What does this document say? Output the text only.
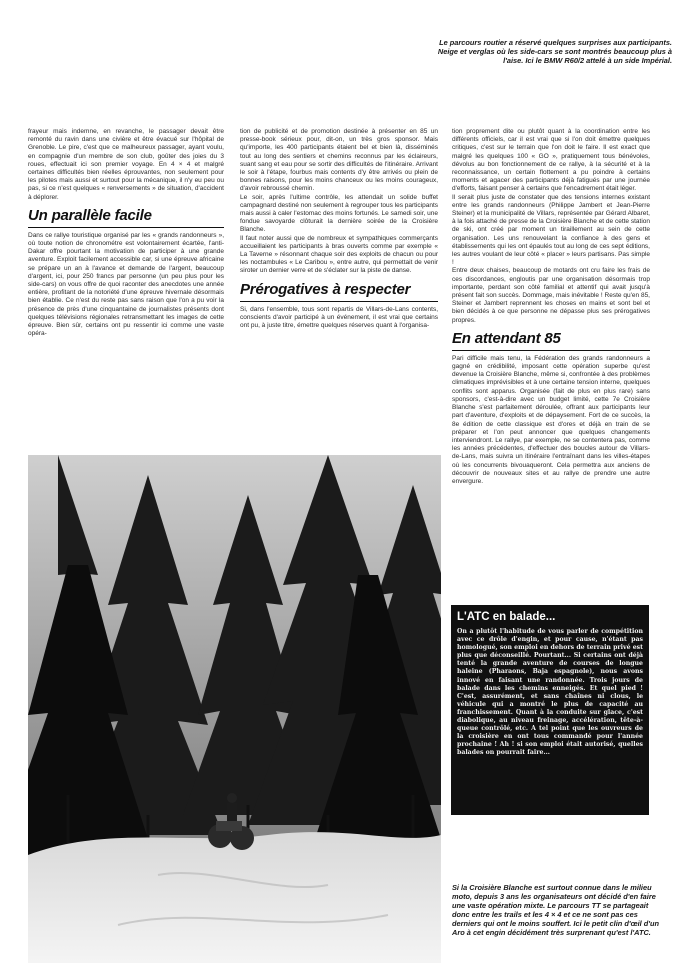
Le parcours routier a réservé quelques surprises aux participants. Neige et verglas où les side-cars se sont montrés beaucoup plus à l'aise. Ici le BMW R60/2 attelé à un side Impérial.

frayeur mais indemne, en revanche, le passager devait être remonté du ravin dans une civière et être évacué sur l'hôpital de Grenoble. Le pire, c'est que ce malheureux passager, ayant voulu, en compagnie d'un membre de son club, goûter des joies du 3 roues, effectuait ici son premier voyage. En 4 × 4 et malgré certaines difficultés bien réelles éprouvantes, non seulement pour les pilotes mais aussi et surtout pour la mécanique, il n'y eu peu ou pas, si ce n'est quelques « renversements » de situation, d'accident à déplorer.

Un parallèle facile

Dans ce rallye touristique organisé par les « grands randonneurs », où toute notion de chronométre est volontairement écartée, l'anti-Dakar offre pourtant la motivation de participer à une grande aventure. Exploit facilement accessible car, si une épreuve africaine se prépare un an à l'avance et demande de l'argent, beaucoup d'argent, ici, pour 250 francs par personne (un peu plus pour les side-cars) on vous offre de quoi raconter des anecdotes une année entière, profitant de la notoriété d'une épreuve hivernale désormais bien établie. Ce n'est du reste pas sans raison que l'on a pu voir la présence de près d'une cinquantaine de journalistes présents dont quelques télévisions régionales retransmettant les images de cette épreuve. Bien sûr, certains ont pu ressentir ici comme une vaste opéra-

tion de publicité et de promotion destinée à présenter en 85 un presse-book sérieux pour, dit-on, un très gros sponsor. Mais qu'importe, les 400 participants étaient bel et bien là, disséminés tout au long des sentiers et chemins reconnus par les éclaireurs, suant sang et eau pour se sortir des difficultés de l'itinéraire. Arrivant le soir à l'étape, fourbus mais contents d'y être arrivés ou plein de bonnes raisons, pour les moins chanceux ou les moins courageux, d'avoir rebroussé chemin.

Le soir, après l'ultime contrôle, les attendait un solide buffet campagnard destiné non seulement à regrouper tous les participants mais aussi à caler l'estomac des moins fortunés. Le samedi soir, une fondue savoyarde clôturait la dernière soirée de la Croisière Blanche.

Il faut noter aussi que de nombreux et sympathiques commerçants accueillaient les participants à bras ouverts comme par exemple « La Taverne » résonnant chaque soir des exploits de chacun ou pour les noctambules « Le Caribou », entre autre, qui permettait de venir siroter un dernier verre et de s'éclater sur la piste de danse.

Prérogatives à respecter

Si, dans l'ensemble, tous sont repartis de Villars-de-Lans contents, conscients d'avoir participé à un événement, il est vrai que certains ont pu, à juste titre, émettre quelques réserves quant à l'organisa-

tion proprement dite ou plutôt quant à la coordination entre les différents officiels, car il est vrai que si l'on doit émettre quelques critiques, c'est sur le terrain que l'on doit le faire. Il est exact que malgré les quelques 100 « GO », pratiquement tous bénévoles, dévolus au bon fonctionnement de ce rallye, à la sécurité et à la reconnaissance, un certain flottement a pu poindre à certains moments et agacer des participants déjà fatigués par une journée d'efforts, faisant penser à certains que l'encadrement était léger.

Il serait plus juste de constater que des tensions internes existant entre les grands randonneurs (Philippe Jambert et Jean-Pierre Steiner) et la municipalité de Villars, représentée par Gérard Albaret, à la fois attaché de presse de la Croisière Blanche et de cette station de ski, ont créé par moment un tiraillement au sein de cette organisation. Les uns renouvelant la confiance à des gens et établissements qui les ont épaulés tout au long de ces sept éditions, les autres voulant de leur côté « placer » leurs partisans. Pas simple !

Entre deux chaises, beaucoup de motards ont cru faire les frais de ces discordances, engloutis par une organisation désormais trop importante, perdant son côté familial et attentif qui avait jusqu'à présent fait son succès. Dommage, mais inévitable ! Reste qu'en 85, Steiner et Jambert reprennent les choses en mains et sont bel et bien décidés à ce que personne ne dépasse plus ses prérogatives propres.

En attendant 85

Pari difficile mais tenu, la Fédération des grands randonneurs a gagné en crédibilité, imposant cette opération superbe qu'est devenue la Croisière Blanche, même si, confrontée à des problèmes climatiques imprévisibles et à une certaine tension interne, quelques conflits sont apparus. Organisée (fait de plus en plus rare) sans sponsors, c'est-à-dire avec un budget limité, cette 7e Croisière Blanche s'est parfaitement déroulée, offrant aux participants leur part d'aventure, d'exploits et de dépaysement. Fort de ce succès, la 8e édition de cette classique est d'ores et déjà en train de se préparer et l'on peut annoncer que quelques changements interviendront. Le rallye, par exemple, ne se contentera pas, comme les années précédentes, d'effectuer des boucles autour de Villars-de-Lans, mais suivra un itinéraire l'entraînant dans les villes-étapes où les concurrents bivouaqueront. Cela permettra aux anciens de découvrir de nouveaux sites et au rallye de prendre une autre envergure.

L'ATC en balade...

On a plutôt l'habitude de vous parler de compétition avec ce drôle d'engin, et pour cause, n'étant pas homologué, son emploi en dehors de terrain privé est plus que déconseillé. Pourtant... Si certains ont déjà tenté la grande aventure de courses de longue haleine (Pharaons, Baja espagnole), nous avons innové en faisant une randonnée. Trois jours de balade dans les chemins enneigés. Et quel pied ! C'est, assurément, et sans chaînes ni clous, le véhicule qui a montré le plus de capacité au franchissement. Quant à la conduite sur glace, c'est diabolique, au niveau freinage, accélération, tête-à-queue contrôlé, etc. A tel point que les ouvreurs de la croisière en ont tous commandé pour l'année prochaine ! Ah ! si son emploi était autorisé, quelles balades on pourrait faire...

Si la Croisière Blanche est surtout connue dans le milieu moto, depuis 3 ans les organisateurs ont décidé d'en faire une vaste opération mixte. Le parcours TT se partageait donc entre les trails et les 4 × 4 et ce ne sont pas ces derniers qui ont le moins souffert. Ici le petit clin d'œil d'un Aro à cet engin décidément très surprenant qu'est l'ATC.
